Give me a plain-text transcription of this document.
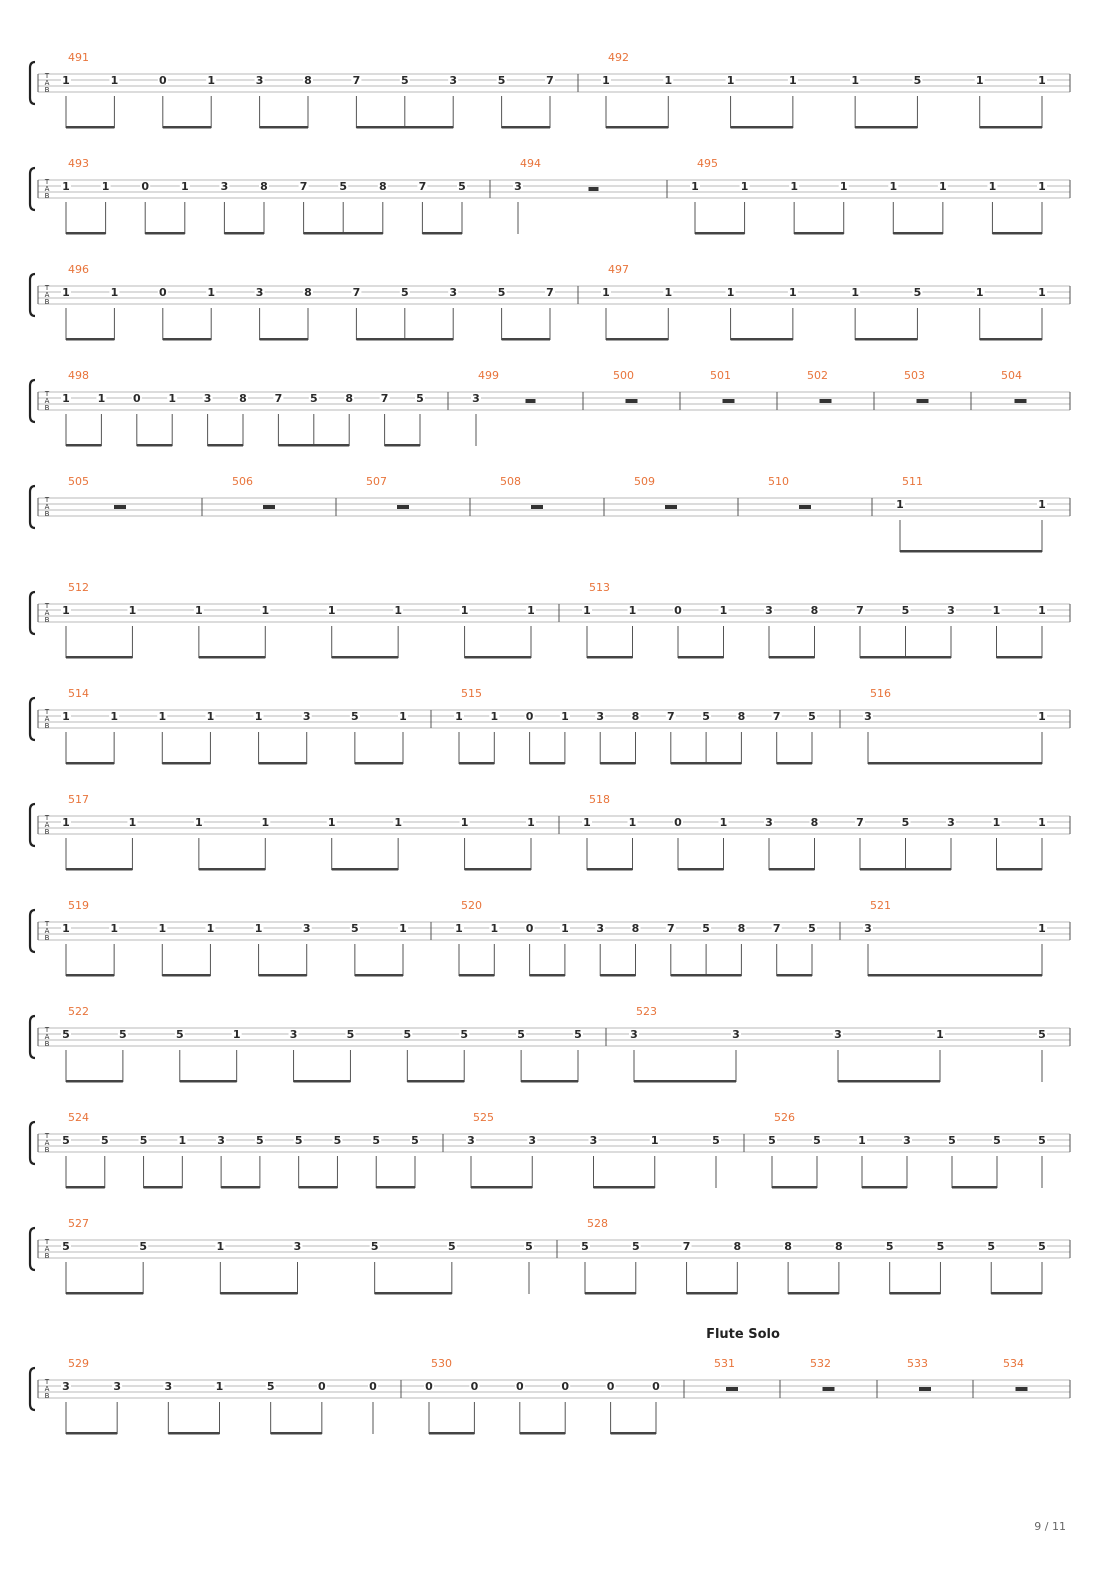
T
A
B
491
1	1	0	1	3	8	7	5	3	5	7
492
1	1	1	1	1	5	1	1
T
A
B
493
1	1	0	1	3	8	7	5	8	7	5
494
3
495
1	1	1	1	1	1	1	1
T
A
B
496
1	1	0	1	3	8	7	5	3	5	7
497
1	1	1	1	1	5	1	1
T
A
B
498
1	1	0	1	3	8	7	5	8	7	5
499
3
500	501	502	503	504
T
A
B
505	506	507	508	509	510	511
1	1
T
A
B
512
1	1	1	1	1	1	1	1
513
1	1	0	1	3	8	7	5	3	1	1
T
A
B
514
1	1	1	1	1	3	5	1
515
1	1	0	1	3	8	7	5	8	7	5
516
3	1
T
A
B
517
1	1	1	1	1	1	1	1
518
1	1	0	1	3	8	7	5	3	1	1
T
A
B
519
1	1	1	1	1	3	5	1
520
1	1	0	1	3	8	7	5	8	7	5
521
3	1
T
A
B
522
5	5	5	1	3	5	5	5	5	5
523
3	3	3	1	5
T
A
B
524
5	5	5	1	3	5	5	5	5	5
525
3	3	3	1	5
526
5	5	1	3	5	5	5
T
A
B
527
5	5	1	3	5	5	5
528
5	5	7	8	8	8	5	5	5	5
T
A
B
529
3	3	3	1	5	0	0
530
0	0	0	0	0	0
531	532	533	534
Flute Solo
9 / 11
